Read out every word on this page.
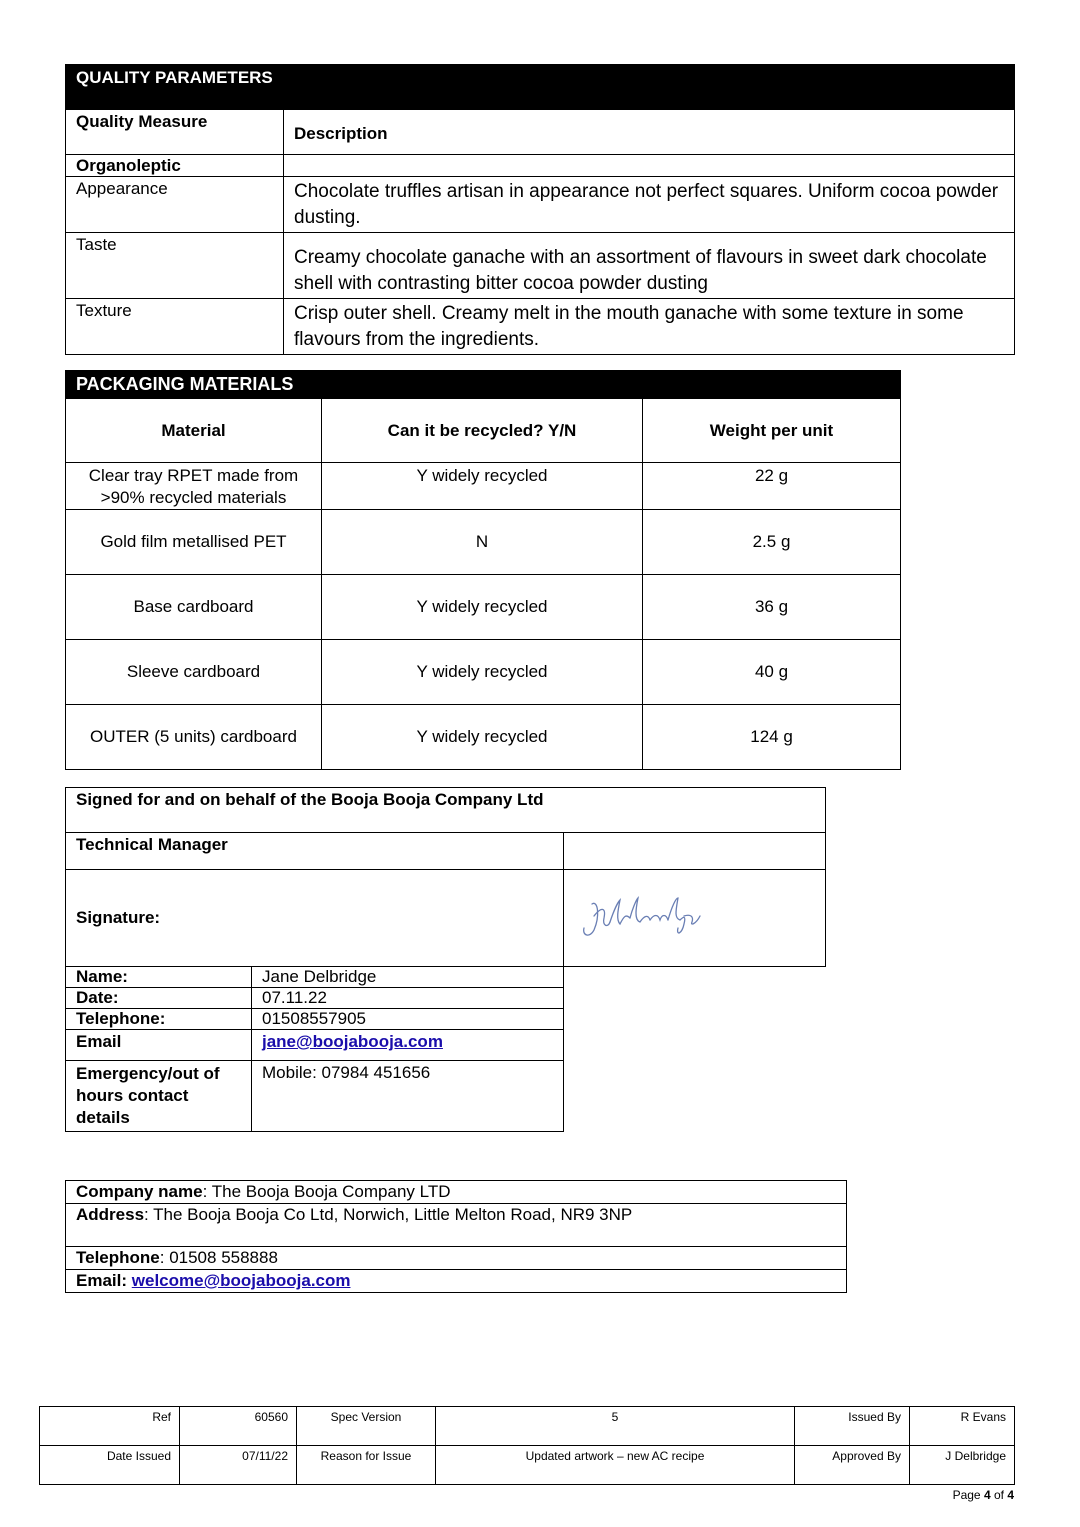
QUALITY PARAMETERS	
Quality Measure	Description
Organoleptic	
Appearance	Chocolate truffles artisan in appearance not perfect squares. Uniform cocoa powder dusting.
Taste	Creamy chocolate ganache with an assortment of flavours in sweet dark chocolate shell with contrasting bitter cocoa powder dusting
Texture	Crisp outer shell. Creamy melt in the mouth ganache with some texture in some flavours from the ingredients.
PACKAGING MATERIALS		
Material	Can it be recycled? Y/N	Weight per unit
Clear tray RPET made from >90% recycled materials	Y widely recycled	22 g
Gold film metallised PET	N	2.5 g
Base cardboard	Y widely recycled	36 g
Sleeve cardboard	Y widely recycled	40 g
OUTER (5 units) cardboard	Y widely recycled	124 g
Signed for and on behalf of the Booja Booja Company Ltd		
Technical Manager		
Signature:	
Name:	Jane Delbridge	
Date:	07.11.22	
Telephone:	01508557905	
Email	jane@boojabooja.com	
Emergency/out of hours contact details	Mobile: 07984 451656	
Company name: The Booja Booja Company LTD
Address: The Booja Booja Co Ltd, Norwich, Little Melton Road, NR9 3NP
Telephone: 01508 558888
Email: welcome@boojabooja.com
Ref	60560	Spec Version	5	Issued By	R Evans
Date Issued	07/11/22	Reason for Issue	Updated artwork – new AC recipe	Approved By	J Delbridge
Page 4 of 4
